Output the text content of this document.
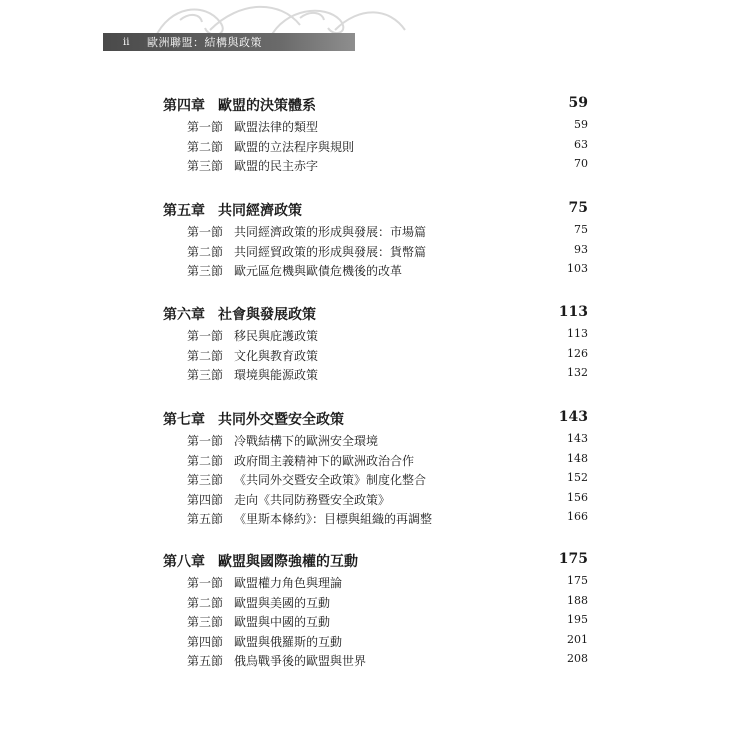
ii	歐洲聯盟：結構與政策
第四章 歐盟的決策體系	59
第一節 歐盟法律的類型	59
第二節 歐盟的立法程序與規則	63
第三節 歐盟的民主赤字	70
第五章 共同經濟政策	75
第一節 共同經濟政策的形成與發展：市場篇	75
第二節 共同經貿政策的形成與發展：貨幣篇	93
第三節 歐元區危機與歐債危機後的改革	103
第六章 社會與發展政策	113
第一節 移民與庇護政策	113
第二節 文化與教育政策	126
第三節 環境與能源政策	132
第七章 共同外交暨安全政策	143
第一節 冷戰結構下的歐洲安全環境	143
第二節 政府間主義精神下的歐洲政治合作	148
第三節 《共同外交暨安全政策》制度化整合	152
第四節 走向《共同防務暨安全政策》	156
第五節 《里斯本條約》：目標與組織的再調整	166
第八章 歐盟與國際強權的互動	175
第一節 歐盟權力角色與理論	175
第二節 歐盟與美國的互動	188
第三節 歐盟與中國的互動	195
第四節 歐盟與俄羅斯的互動	201
第五節 俄烏戰爭後的歐盟與世界	208
